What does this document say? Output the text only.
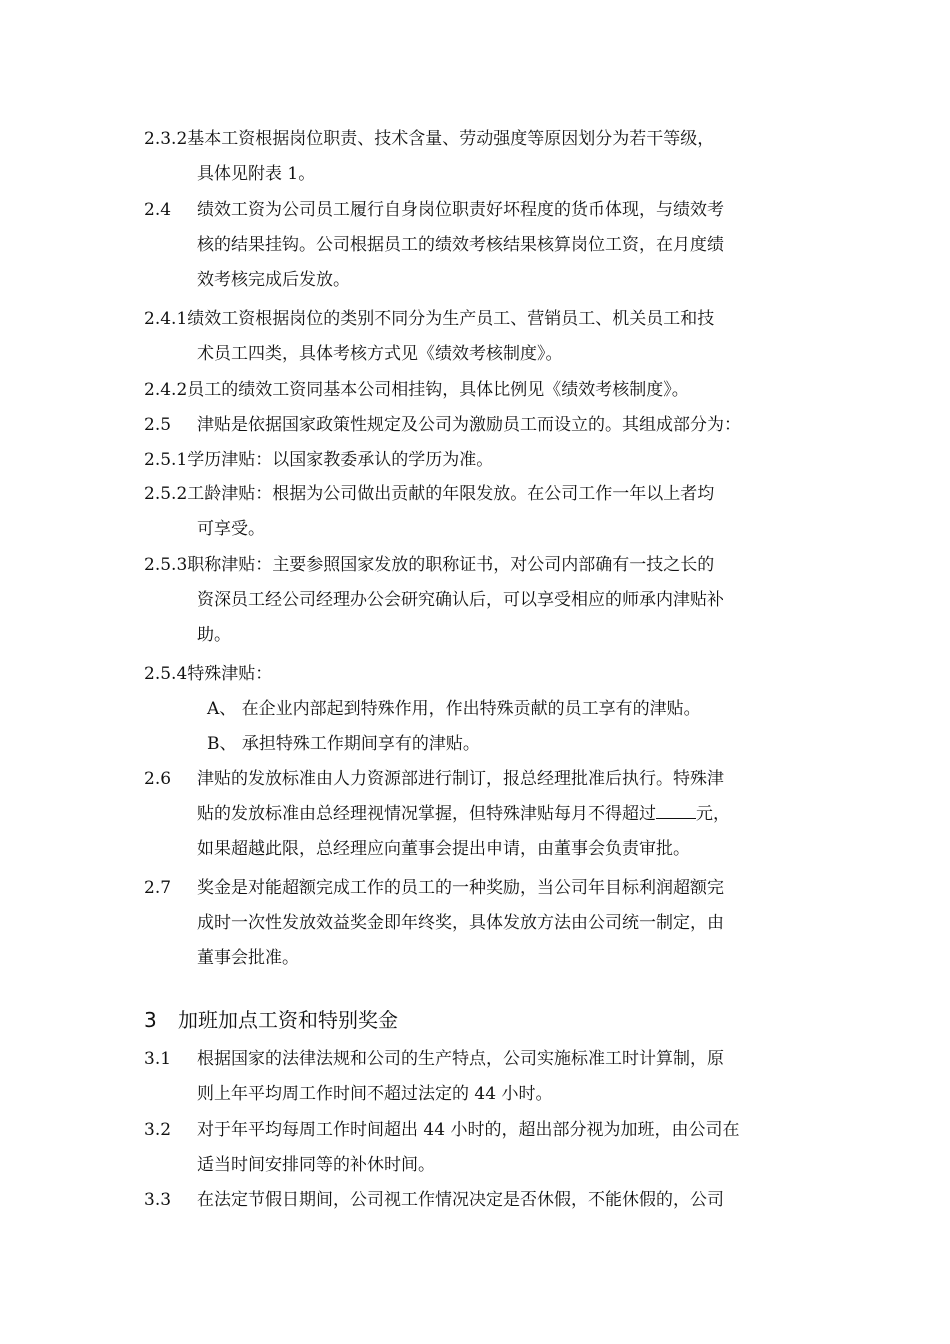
2.3.2基本工资根据岗位职责、技术含量、劳动强度等原因划分为若干等级，
具体见附表 1。
2.4 绩效工资为公司员工履行自身岗位职责好坏程度的货币体现，与绩效考
核的结果挂钩。公司根据员工的绩效考核结果核算岗位工资，在月度绩
效考核完成后发放。
2.4.1绩效工资根据岗位的类别不同分为生产员工、营销员工、机关员工和技
术员工四类，具体考核方式见《绩效考核制度》。
2.4.2员工的绩效工资同基本公司相挂钩，具体比例见《绩效考核制度》。
2.5 津贴是依据国家政策性规定及公司为激励员工而设立的。其组成部分为：
2.5.1学历津贴：以国家教委承认的学历为准。
2.5.2工龄津贴：根据为公司做出贡献的年限发放。在公司工作一年以上者均
可享受。
2.5.3职称津贴：主要参照国家发放的职称证书，对公司内部确有一技之长的
资深员工经公司经理办公会研究确认后，可以享受相应的师承内津贴补
助。
2.5.4特殊津贴：
A、 在企业内部起到特殊作用，作出特殊贡献的员工享有的津贴。
B、 承担特殊工作期间享有的津贴。
2.6 津贴的发放标准由人力资源部进行制订，报总经理批准后执行。特殊津
贴的发放标准由总经理视情况掌握，但特殊津贴每月不得超过 元，
如果超越此限，总经理应向董事会提出申请，由董事会负责审批。
2.7 奖金是对能超额完成工作的员工的一种奖励，当公司年目标利润超额完
成时一次性发放效益奖金即年终奖，具体发放方法由公司统一制定，由
董事会批准。
3 加班加点工资和特别奖金
3.1 根据国家的法律法规和公司的生产特点，公司实施标准工时计算制，原
则上年平均周工作时间不超过法定的 44 小时。
3.2 对于年平均每周工作时间超出 44 小时的，超出部分视为加班，由公司在
适当时间安排同等的补休时间。
3.3 在法定节假日期间，公司视工作情况决定是否休假，不能休假的，公司
